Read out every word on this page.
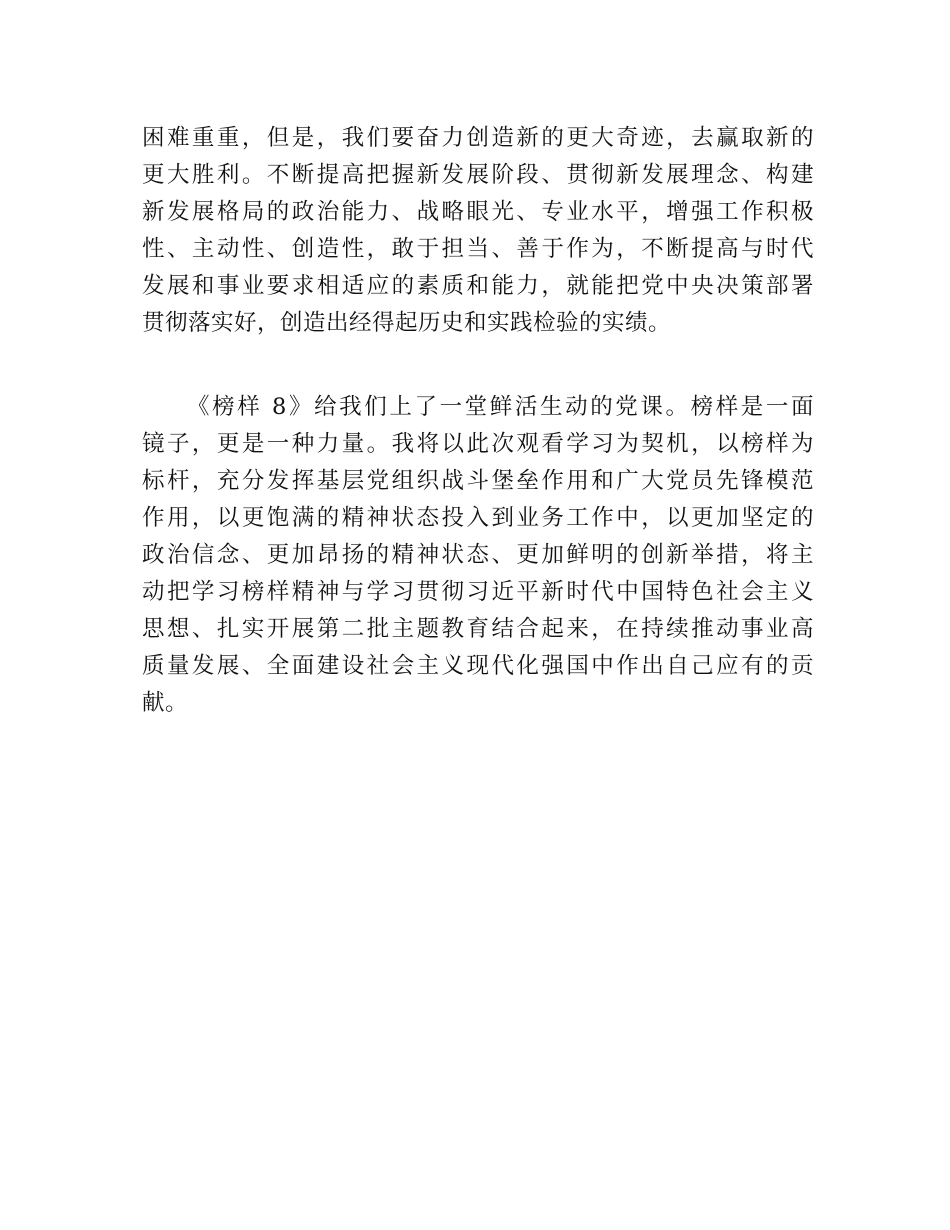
困难重重，但是，我们要奋力创造新的更大奇迹，去赢取新的
更大胜利。不断提高把握新发展阶段、贯彻新发展理念、构建
新发展格局的政治能力、战略眼光、专业水平，增强工作积极
性、主动性、创造性，敢于担当、善于作为，不断提高与时代
发展和事业要求相适应的素质和能力，就能把党中央决策部署
贯彻落实好，创造出经得起历史和实践检验的实绩。
《榜样 8》给我们上了一堂鲜活生动的党课。榜样是一面
镜子，更是一种力量。我将以此次观看学习为契机，以榜样为
标杆，充分发挥基层党组织战斗堡垒作用和广大党员先锋模范
作用，以更饱满的精神状态投入到业务工作中，以更加坚定的
政治信念、更加昂扬的精神状态、更加鲜明的创新举措，将主
动把学习榜样精神与学习贯彻习近平新时代中国特色社会主义
思想、扎实开展第二批主题教育结合起来，在持续推动事业高
质量发展、全面建设社会主义现代化强国中作出自己应有的贡
献。
